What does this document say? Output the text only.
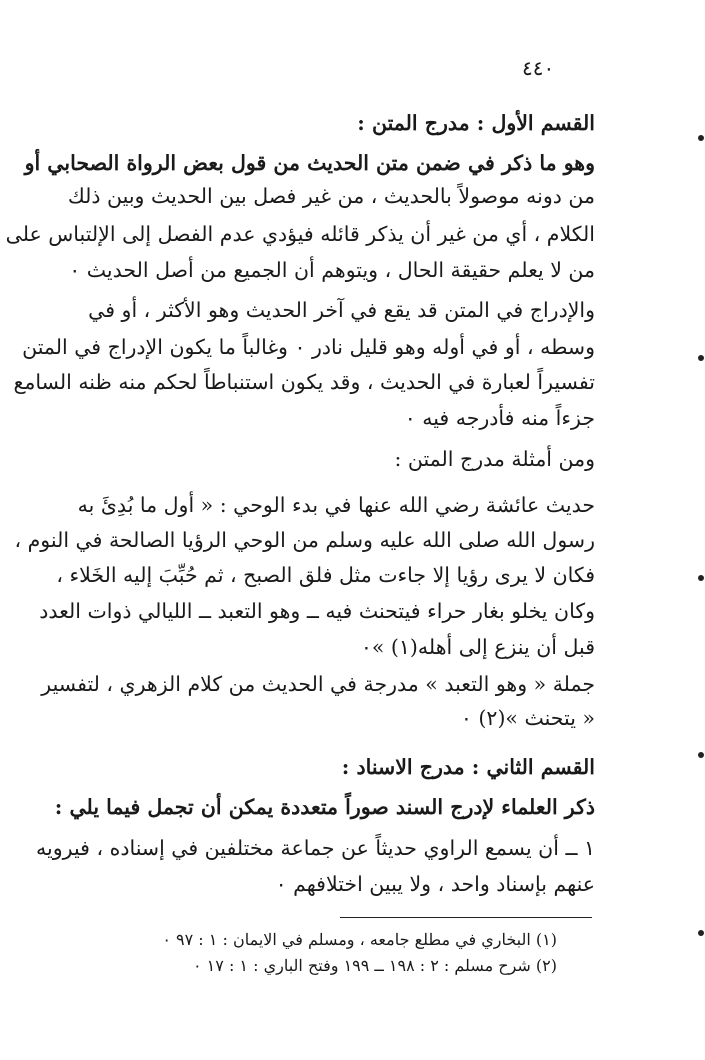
٤٤٠
القسم الأول : مدرج المتن :
وهو ما ذكر في ضمن متن الحديث من قول بعض الرواة الصحابي أو
من دونه موصولاً بالحديث ، من غير فصل بين الحديث وبين ذلك
الكلام ، أي من غير أن يذكر قائله فيؤدي عدم الفصل إلى الإلتباس على
من لا يعلم حقيقة الحال ، ويتوهم أن الجميع من أصل الحديث ٠
والإدراج في المتن قد يقع في آخر الحديث وهو الأكثر ، أو في
وسطه ، أو في أوله وهو قليل نادر ٠ وغالباً ما يكون الإدراج في المتن
تفسيراً لعبارة في الحديث ، وقد يكون استنباطاً لحكم منه ظنه السامع
جزءاً منه فأدرجه فيه ٠
ومن أمثلة مدرج المتن :
حديث عائشة رضي الله عنها في بدء الوحي : « أول ما بُدِئَ به
رسول الله صلى الله عليه وسلم من الوحي الرؤيا الصالحة في النوم ،
فكان لا يرى رؤيا إلا جاءت مثل فلق الصبح ، ثم حُبِّبَ إليه الخَلاء ،
وكان يخلو بغار حراء فيتحنث فيه ــ وهو التعبد ــ الليالي ذوات العدد
قبل أن ينزع إلى أهله(١) »٠
جملة « وهو التعبد » مدرجة في الحديث من كلام الزهري ، لتفسير
« يتحنث »(٢) ٠
القسم الثاني : مدرج الاسناد :
ذكر العلماء لإدرج السند صوراً متعددة يمكن أن تجمل فيما يلي :
١ ــ أن يسمع الراوي حديثاً عن جماعة مختلفين في إسناده ، فيرويه
عنهم بإسناد واحد ، ولا يبين اختلافهم ٠
(١) البخاري في مطلع جامعه ، ومسلم في الايمان : ١ : ٩٧ ٠
(٢) شرح مسلم : ٢ : ١٩٨ ــ ١٩٩ وفتح الباري : ١ : ١٧ ٠
